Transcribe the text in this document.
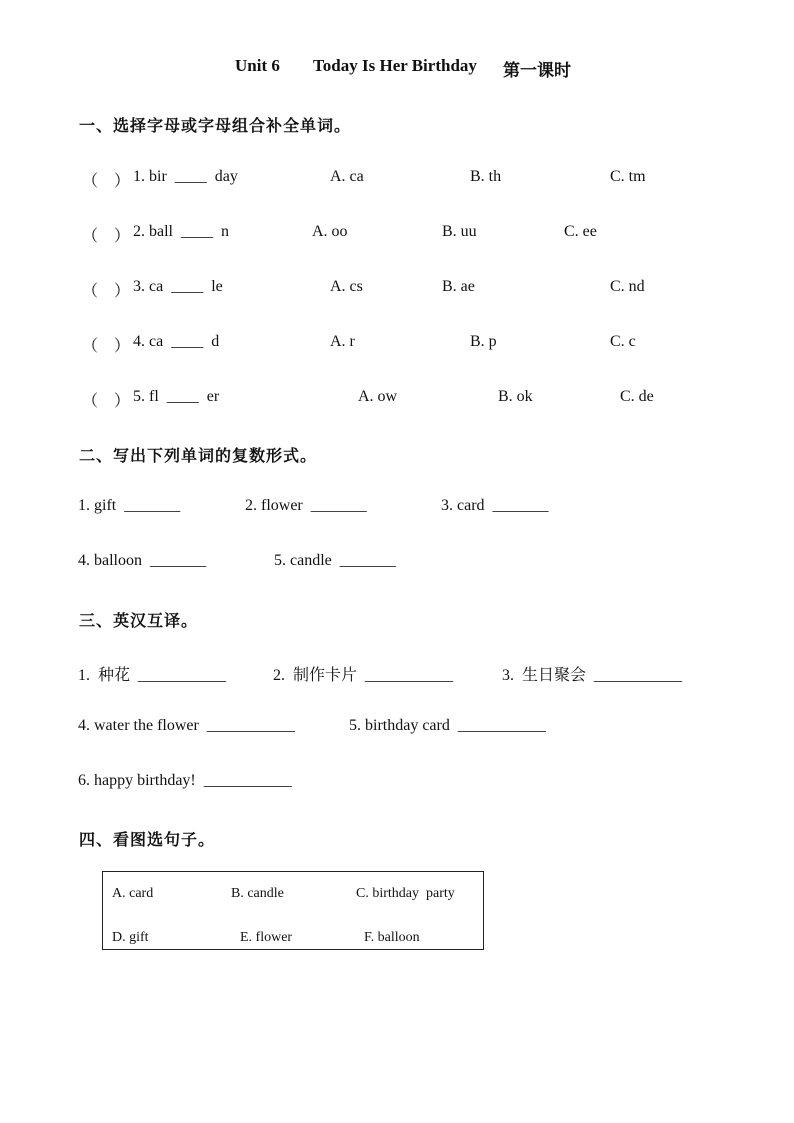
Unit 6 Today Is Her Birthday 第一课时
一、选择字母或字母组合补全单词。
（　） 1. bir  ____  day	A. ca	B. th	C. tm
（　） 2. ball  ____  n	A. oo	B. uu	C. ee
（　） 3. ca  ____  le	A. cs	B. ae	C. nd
（　） 4. ca  ____  d	A. r	B. p	C. c
（　） 5. fl  ____  er	A. ow	B. ok	C. de
二、写出下列单词的复数形式。
1. gift  _______	2. flower  _______	3. card  _______
4. balloon  _______	5. candle  _______
三、英汉互译。
1.  种花  ___________	2.  制作卡片  ___________	3.  生日聚会  ___________
4. water the flower  ___________	5. birthday card  ___________
6. happy birthday!  ___________
四、看图选句子。
A. card	B. candle	C. birthday  party
D. gift	E. flower	F. balloon
